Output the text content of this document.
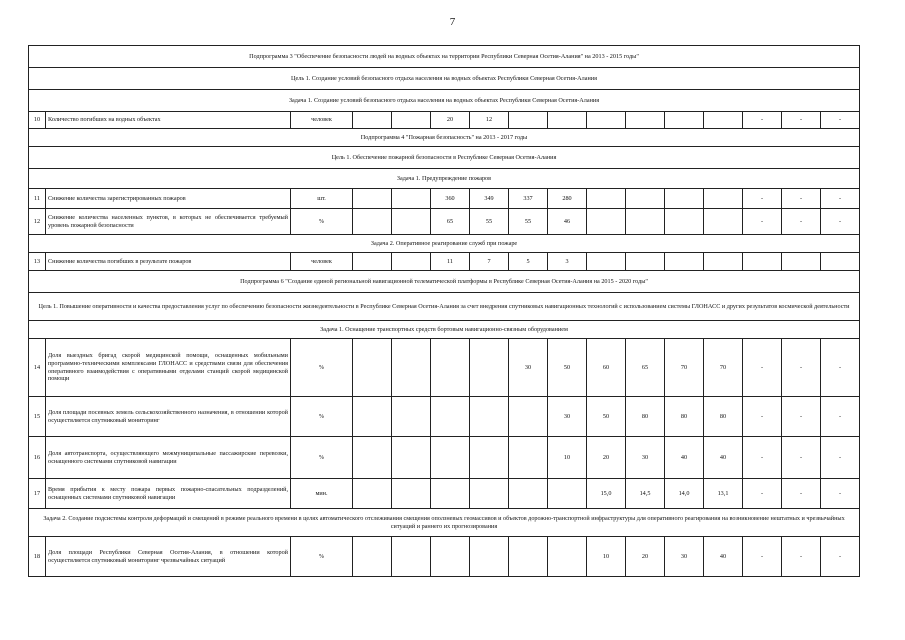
7
Подпрограмма 3 "Обеспечение безопасности людей на водных объектах на территории Республики Северная Осетия-Алания" на 2013 - 2015 годы"															
Цель 1. Создание условий безопасного отдыха населения на водных объектах Республики Северная Осетия-Алания															
Задача 1. Создание условий безопасного отдыха населения на водных объектах Республики Северная Осетия-Алания															
10	Количество погибших на водных объектах	человек			20	12							-	-	-
Подпрограмма 4 "Пожарная безопасность" на 2013 - 2017 годы															
Цель 1. Обеспечение пожарной безопасности в Республике Северная Осетия-Алания															
Задача 1. Предупреждение пожаров															
11	Снижение количества зарегистрированных пожаров	шт.			360	349	337	280					-	-	-
12	Снижение количества населенных пунктов, в которых не обеспечивается требуемый уровень пожарной безопасности	%			65	55	55	46					-	-	-
Задача 2. Оперативное реагирование служб при пожаре															
13	Снижение количества погибших в результате пожаров	человек			11	7	5	3							
Подпрограмма 6 "Создание единой региональной навигационной телематической платформы в Республике Северная Осетия-Алания на 2015 - 2020 годы"															
Цель 1. Повышение оперативности и качества предоставления услуг по обеспечению безопасности жизнедеятельности в Республике Северная Осетия-Алания за счет внедрения спутниковых навигационных технологий с использованием системы ГЛОНАСС и других результатов космической деятельности															
Задача 1. Оснащение транспортных средств бортовым навигационно-связным оборудованием															
14	Доля выездных бригад скорой медицинской помощи, оснащенных мобильными программно-техническими комплексами ГЛОНАСС и средствами связи для обеспечения оперативного взаимодействия с оперативными отделами станций скорой медицинской помощи	%					30	50	60	65	70	70	-	-	-
15	Доля площади посевных земель сельскохозяйственного назначения, в отношении которой осуществляется спутниковый мониторинг	%						30	50	80	80	80	-	-	-
16	Доля автотранспорта, осуществляющего межмуниципальные пассажирские перевозки, оснащенного системами спутниковой навигации	%						10	20	30	40	40	-	-	-
17	Время прибытия к месту пожара первых пожарно-спасательных подразделений, оснащенных системами спутниковой навигации	мин.							15,0	14,5	14,0	13,1	-	-	-
Задача 2. Создание подсистемы контроля деформаций и смещений в режиме реального времени в целях автоматического отслеживания смещения оползневых геомассивов и объектов дорожно-транспортной инфраструктуры для оперативного реагирования на возникновение нештатных и чрезвычайных ситуаций и раннего их прогнозирования															
18	Доля площади Республики Северная Осетия-Алания, в отношении которой осуществляется спутниковый мониторинг чрезвычайных ситуаций	%							10	20	30	40	-	-	-
